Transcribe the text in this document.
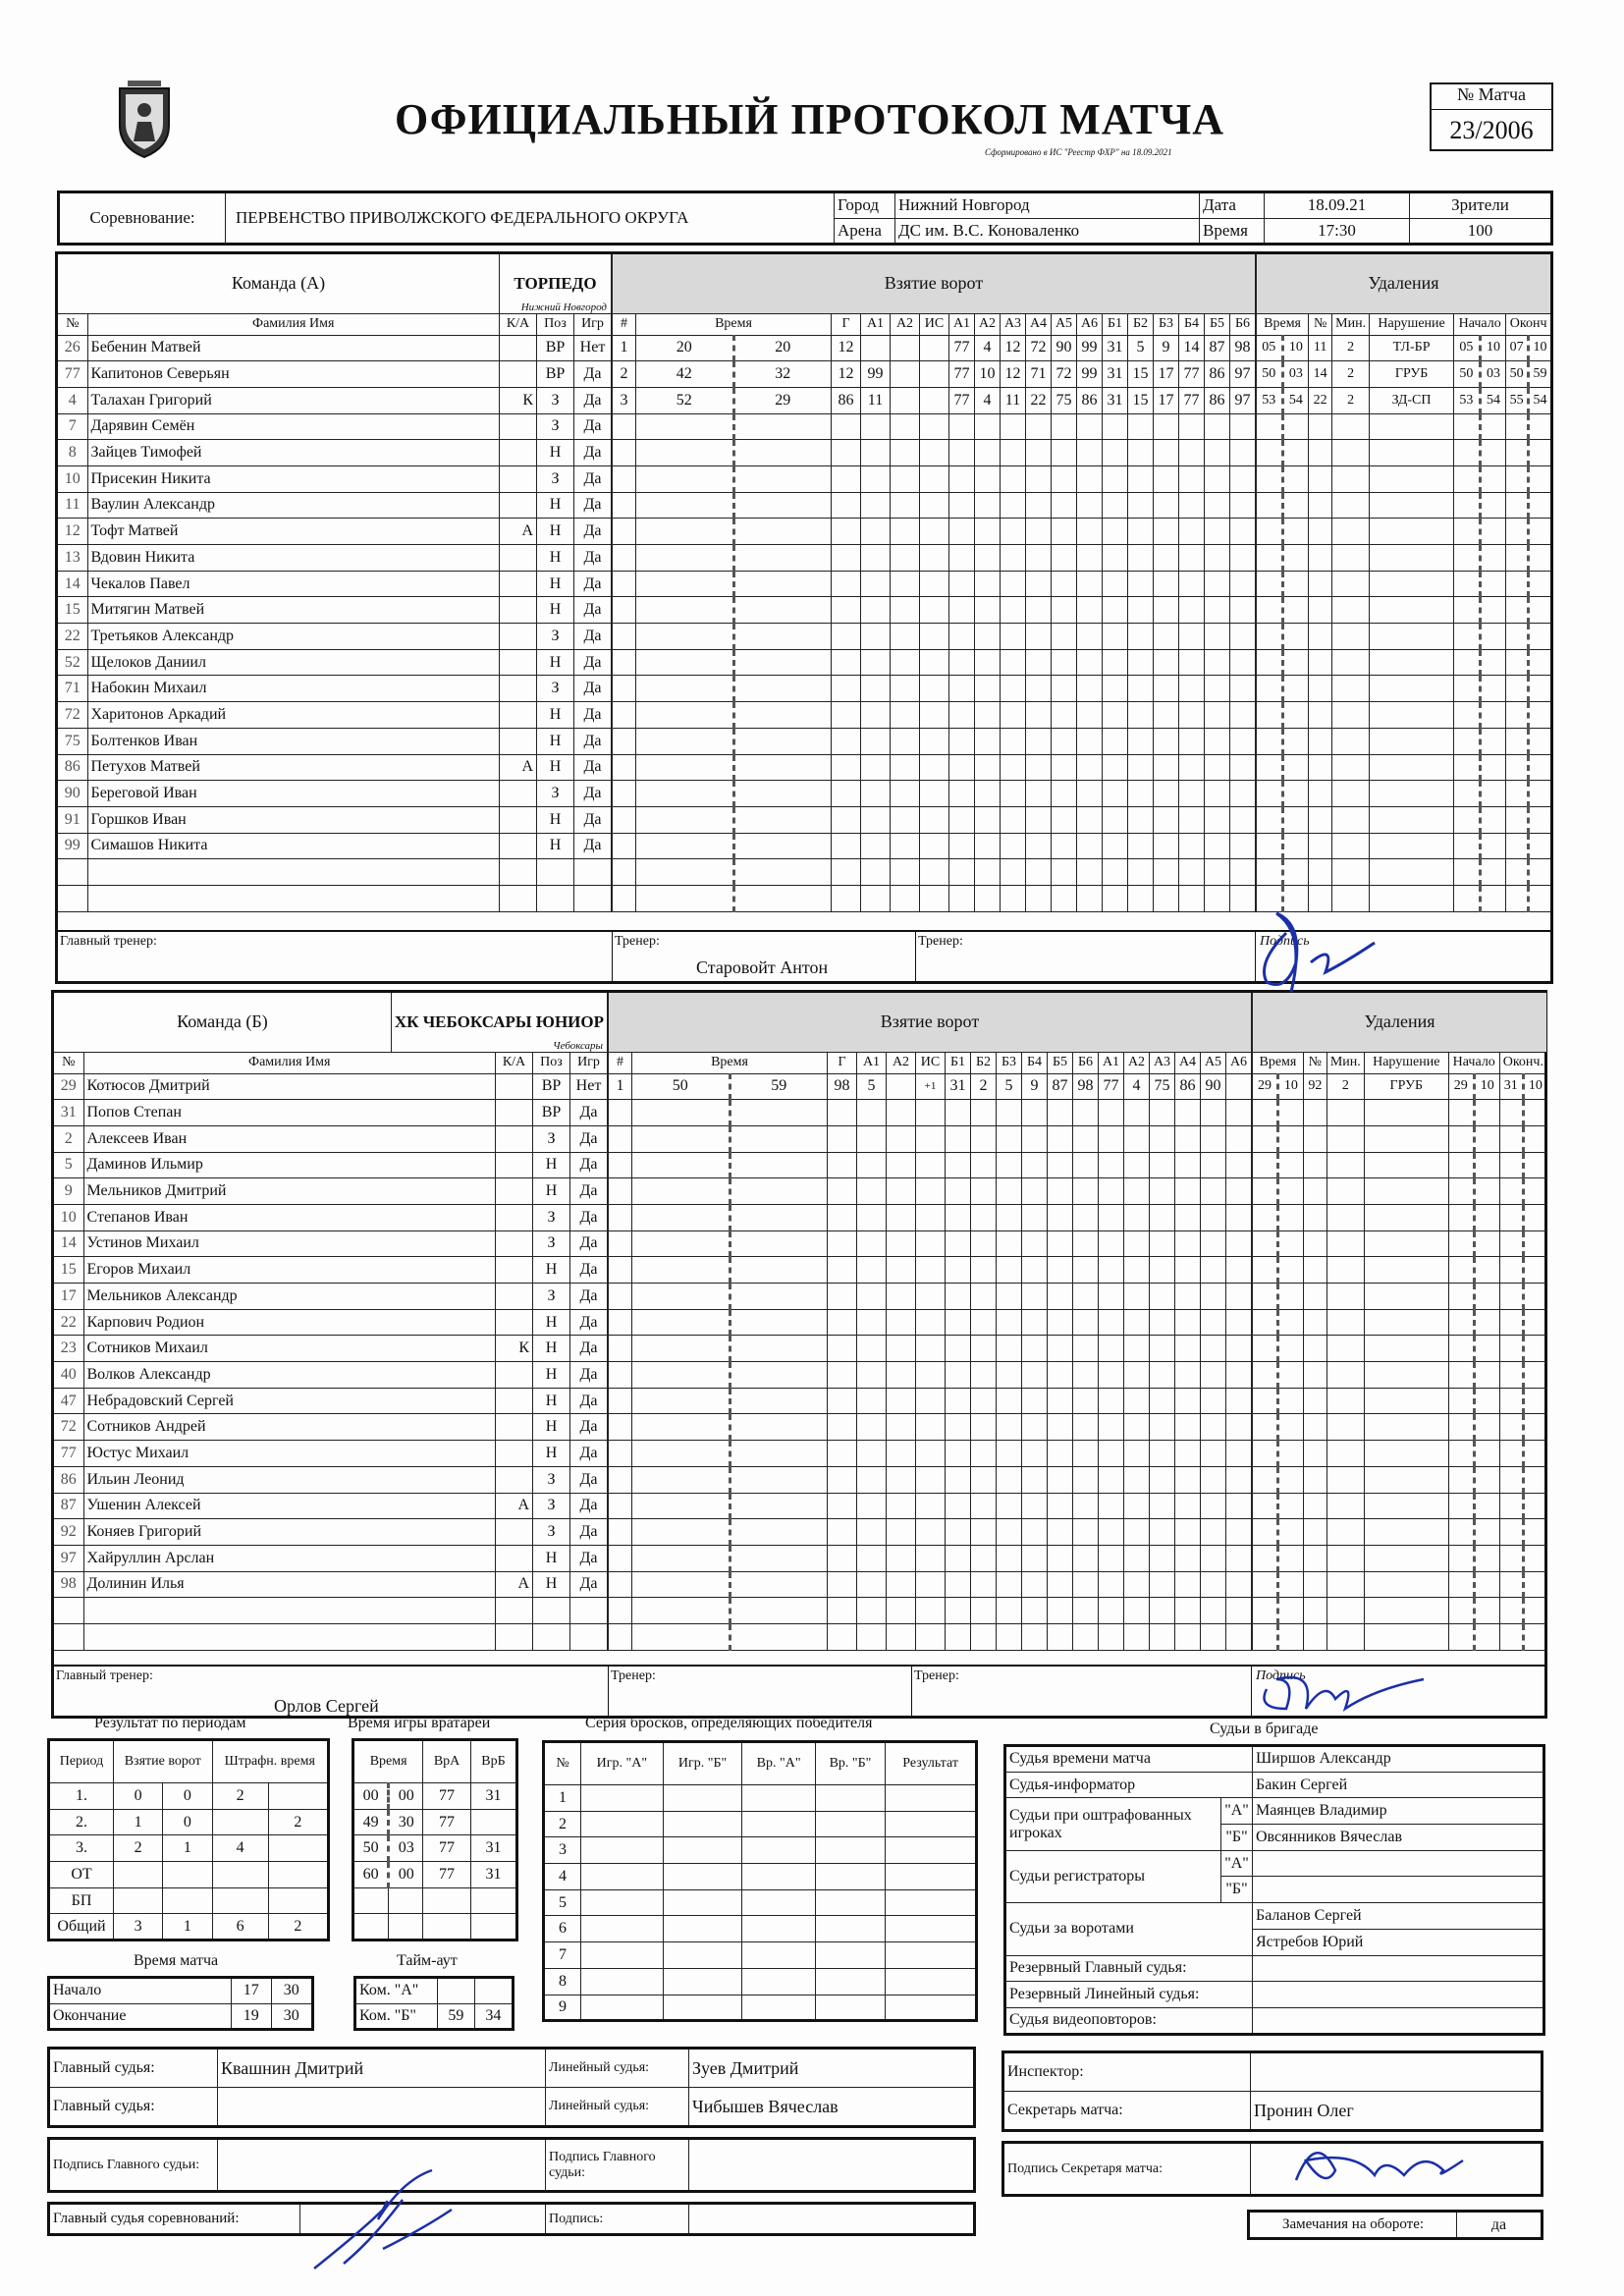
ОФИЦИАЛЬНЫЙ ПРОТОКОЛ МАТЧА
Сформировано в ИС "Реестр ФХР" на 18.09.2021
№ Матча
23/2006
Соревнование:	ПЕРВЕНСТВО ПРИВОЛЖСКОГО ФЕДЕРАЛЬНОГО ОКРУГА	Город	Нижний Новгород	Дата	18.09.21	Зрители
		Арена	ДС им. В.С. Коноваленко	Время	17:30	100
Команда (А)		ТОРПЕДО
Нижний Новгород		

№	Фамилия Имя	К/А	Поз	Игр
26	Бебенин Матвей		ВР	Нет
77	Капитонов Северьян		ВР	Да
4	Талахан Григорий	К	З	Да
7	Дарявин Семён		З	Да
8	Зайцев Тимофей		Н	Да
10	Присекин Никита		З	Да
11	Ваулин Александр		Н	Да
12	Тофт Матвей	А	Н	Да
13	Вдовин Никита		Н	Да
14	Чекалов Павел		Н	Да
15	Митягин Матвей		Н	Да
22	Третьяков Александр		З	Да
52	Щелоков Даниил		Н	Да
71	Набокин Михаил		З	Да
72	Харитонов Аркадий		Н	Да
75	Болтенков Иван		Н	Да
86	Петухов Матвей	А	Н	Да
90	Береговой Иван		З	Да
91	Горшков Иван		Н	Да
99	Симашов Никита		Н	Да

Взятие ворот																		
#	Время		Г	А1	А2	ИС	А1	А2	А3	А4	А5	А6	Б1	Б2	Б3	Б4	Б5	Б6
1	20	20	12				77	4	12	72	90	99	31	5	9	14	87	98
2	42	32	12	99			77	10	12	71	72	99	31	15	17	77	86	97
3	52	29	86	11			77	4	11	22	75	86	31	15	17	77	86	97

Удаления								
Время		№	Мин.	Нарушение	Начало		Оконч	
05	10	11	2	ТЛ-БР	05	10	07	10
50	03	14	2	ГРУБ	50	03	50	59
53	54	22	2	ЗД-СП	53	54	55	54

Главный тренер:	Тренер:	Тренер:	Подпись
Старовойт Антон
Команда (Б)		ХК ЧЕБОКСАРЫ ЮНИОР
Чебоксары			

№	Фамилия Имя		К/А	Поз	Игр
29	Котюсов Дмитрий			ВР	Нет
31	Попов Степан			ВР	Да
2	Алексеев Иван			З	Да
5	Даминов Ильмир			Н	Да
9	Мельников Дмитрий			Н	Да
10	Степанов Иван			З	Да
14	Устинов Михаил			З	Да
15	Егоров Михаил			Н	Да
17	Мельников Александр			З	Да
22	Карпович Родион			Н	Да
23	Сотников Михаил		К	Н	Да
40	Волков Александр			Н	Да
47	Небрадовский Сергей			Н	Да
72	Сотников Андрей			Н	Да
77	Юстус Михаил			Н	Да
86	Ильин Леонид			З	Да
87	Ушенин Алексей		А	З	Да
92	Коняев Григорий			З	Да
97	Хайруллин Арслан			Н	Да
98	Долинин Илья		А	Н	Да

Взятие ворот																		
#	Время		Г	А1	А2	ИС	Б1	Б2	Б3	Б4	Б5	Б6	А1	А2	А3	А4	А5	А6
1	50	59	98	5		+1	31	2	5	9	87	98	77	4	75	86	90	

Удаления								
Время		№	Мин.	Нарушение	Начало		Оконч.	
29	10	92	2	ГРУБ	29	10	31	10

Главный тренер:	Тренер:	Тренер:	Подпись
Орлов Сергей
Результат по периодам
Период	Взятие ворот		Штрафн. время	
1.	0	0	2	
2.	1	0		2
3.	2	1	4	
ОТ				
БП				
Общий	3	1	6	2
Время игры вратарей
Время		ВрА	ВрБ
00	00	77	31
49	30	77	
50	03	77	31
60	00	77	31

Время матча
Начало	17	30
Окончание	19	30
Тайм-аут
Ком. "А"		
Ком. "Б"	59	34
Серия бросков, определяющих победителя
№	Игр. "А"	Игр. "Б"	Вр. "А"	Вр. "Б"	Результат
1					
2					
3					
4					
5					
6					
7					
8					
9					
Судьи в бригаде
Судья времени матча		Ширшов Александр
Судья-информатор		Бакин Сергей
Судьи при оштрафованных игроках	"А"	Маянцев Владимир
	"Б"	Овсянников Вячеслав
Судьи регистраторы	"А"	
	"Б"	
Судьи за воротами		Баланов Сергей
		Ястребов Юрий
Резервный Главный судья:		
Резервный Линейный судья:		
Судья видеоповторов:		
Главный судья:	Квашнин Дмитрий	Линейный судья:	Зуев Дмитрий
Главный судья:		Линейный судья:	Чибышев Вячеслав
Инспектор:	
Секретарь матча:	Пронин Олег
Подпись Главного судьи:		Подпись Главного судьи:		Подпись Секретаря матча:	
Главный судья соревнований:		Подпись:		Замечания на обороте:	да
